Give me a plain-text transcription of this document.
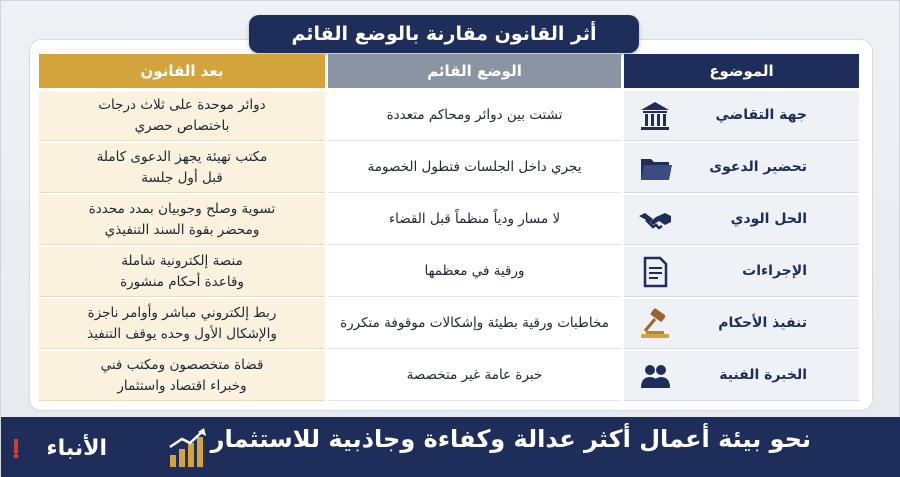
أثر القانون مقارنة بالوضع القائم
الموضوع
الوضع القائم
بعد القانون
جهة التقاضي
تشتت بين دوائر ومحاكم متعددة
دوائر موحدة على ثلاث درجات
باختصاص حصري
تحضير الدعوى
يجري داخل الجلسات فتطول الخصومة
مكتب تهيئة يجهز الدعوى كاملة
قبل أول جلسة
الحل الودي
لا مسار ودياً منظماً قبل القضاء
تسوية وصلح وجوبيان بمدد محددة
ومحضر بقوة السند التنفيذي
الإجراءات
ورقية في معظمها
منصة إلكترونية شاملة
وقاعدة أحكام منشورة
تنفيذ الأحكام
مخاطبات ورقية بطيئة وإشكالات موقوفة متكررة
ربط إلكتروني مباشر وأوامر ناجزة
والإشكال الأول وحده يوقف التنفيذ
الخبرة الفنية
خبرة عامة غير متخصصة
قضاة متخصصون ومكتب فني
وخبراء اقتصاد واستثمار
نحو بيئة أعمال أكثر عدالة وكفاءة وجاذبية للاستثمار
الأنباء
